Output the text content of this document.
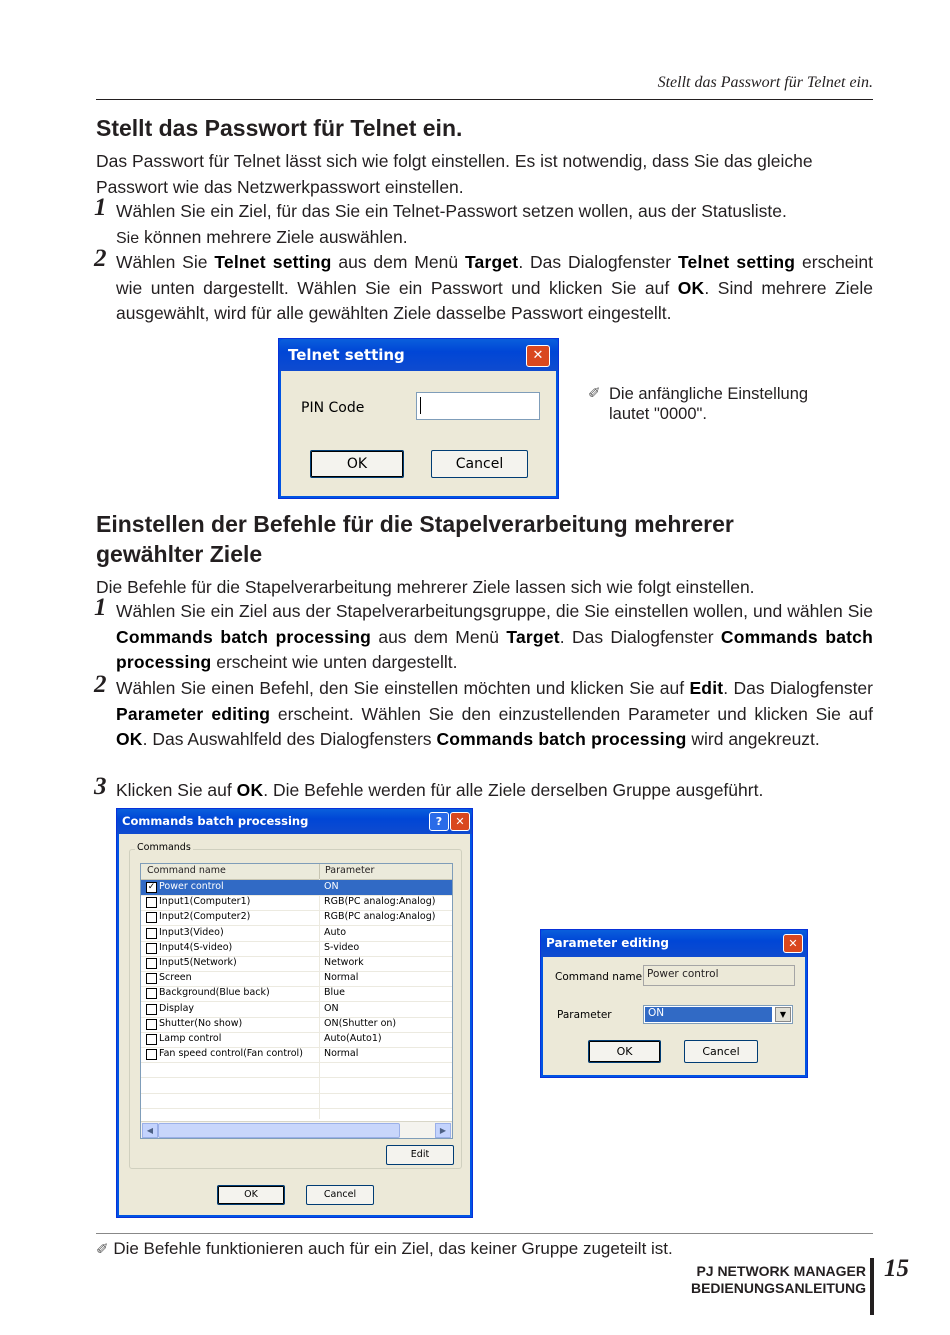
Stellt das Passwort für Telnet ein.
Stellt das Passwort für Telnet ein.

Das Passwort für Telnet lässt sich wie folgt einstellen. Es ist notwendig, dass Sie das gleiche Passwort wie das Netzwerkpasswort einstellen.

1 Wählen Sie ein Ziel, für das Sie ein Telnet-Passwort setzen wollen, aus der Statusliste.
Sie können mehrere Ziele auswählen.
2 Wählen Sie Telnet setting aus dem Menü Target. Das Dialogfenster Telnet setting erscheint wie unten dargestellt. Wählen Sie ein Passwort und klicken Sie auf OK. Sind mehrere Ziele ausgewählt, wird für alle gewählten Ziele dasselbe Passwort eingestellt.
Telnet setting	✕
PIN Code
OK	Cancel
✐ Die anfängliche Einstellung lautet "0000".
Einstellen der Befehle für die Stapelverarbeitung mehrerer
gewählter Ziele

Die Befehle für die Stapelverarbeitung mehrerer Ziele lassen sich wie folgt einstellen.

1 Wählen Sie ein Ziel aus der Stapelverarbeitungsgruppe, die Sie einstellen wollen, und wählen Sie Commands batch processing aus dem Menü Target. Das Dialogfenster Commands batch processing erscheint wie unten dargestellt.
2 Wählen Sie einen Befehl, den Sie einstellen möchten und klicken Sie auf Edit. Das Dialogfenster Parameter editing erscheint. Wählen Sie den einzustellenden Parameter und klicken Sie auf OK. Das Auswahlfeld des Dialogfensters Commands batch processing wird angekreuzt.
3 Klicken Sie auf OK. Die Befehle werden für alle Ziele derselben Gruppe ausgeführt.
Commands batch processing	?	✕
Commands
Command name	Parameter
✓ Power control	ON
Input1(Computer1)	RGB(PC analog:Analog)
Input2(Computer2)	RGB(PC analog:Analog)
Input3(Video)	Auto
Input4(S-video)	S-video
Input5(Network)	Network
Screen	Normal
Background(Blue back)	Blue
Display	ON
Shutter(No show)	ON(Shutter on)
Lamp control	Auto(Auto1)
Fan speed control(Fan control) Normal
◀	▶
Edit
OK	Cancel
Parameter editing	✕
Command name Power control
Parameter	ON	▼
OK	Cancel
✐ Die Befehle funktionieren auch für ein Ziel, das keiner Gruppe zugeteilt ist.
PJ NETWORK MANAGER
BEDIENUNGSANLEITUNG
15
